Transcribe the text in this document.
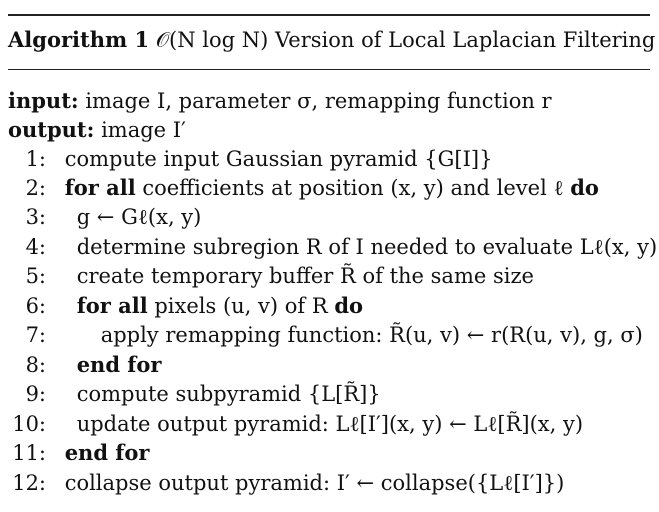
Algorithm 1 𝒪(N log N) Version of Local Laplacian Filtering
input: image I, parameter σ, remapping function r
output: image I′
1: compute input Gaussian pyramid {G[I]}
2: for all coefficients at position (x, y) and level ℓ do
3: g ← Gℓ(x, y)
4: determine subregion R of I needed to evaluate Lℓ(x, y)
5: create temporary buffer R̃ of the same size
6: for all pixels (u, v) of R do
7:	apply remapping function: R̃(u, v) ← r(R(u, v), g, σ)
8: end for
9: compute subpyramid {L[R̃]}
10: update output pyramid: Lℓ[I′](x, y) ← Lℓ[R̃](x, y)
11: end for
12: collapse output pyramid: I′ ← collapse({Lℓ[I′]})
